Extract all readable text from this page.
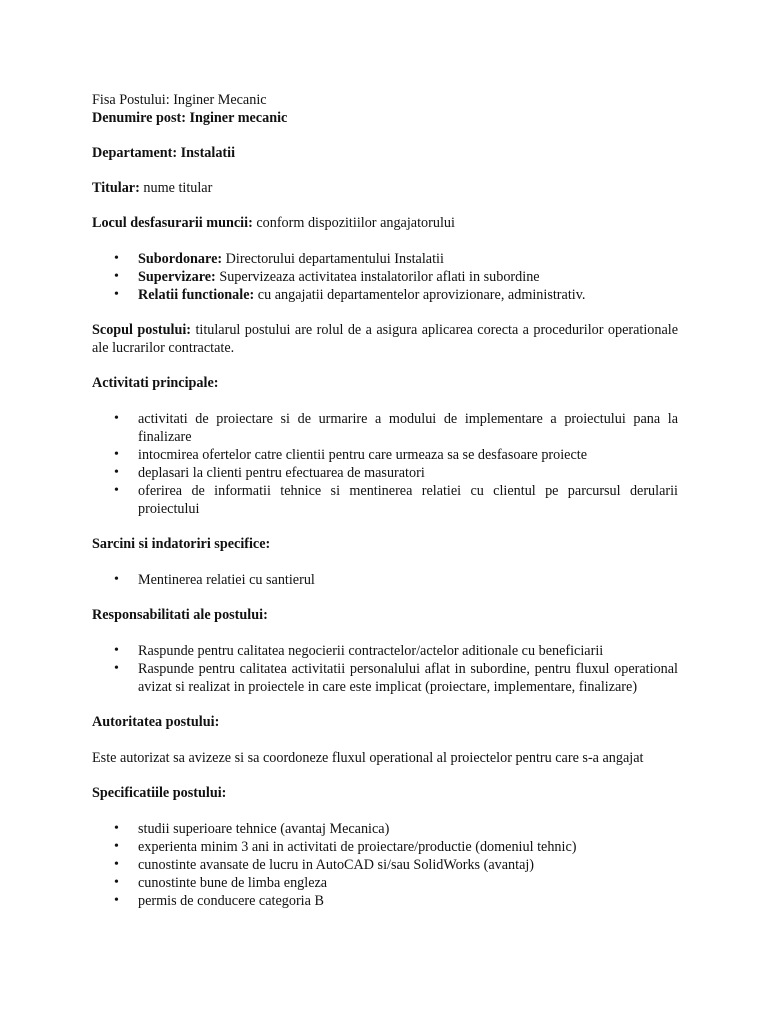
Fisa Postului: Inginer Mecanic
Denumire post: Inginer mecanic
Departament: Instalatii
Titular: nume titular
Locul desfasurarii muncii: conform dispozitiilor angajatorului
• Subordonare: Directorului departamentului Instalatii
• Supervizare: Supervizeaza activitatea instalatorilor aflati in subordine
• Relatii functionale: cu angajatii departamentelor aprovizionare, administrativ.

Scopul postului: titularul postului are rolul de a asigura aplicarea corecta a procedurilor operationale ale lucrarilor contractate.

Activitati principale:
• activitati de proiectare si de urmarire a modului de implementare a proiectului pana la finalizare
• intocmirea ofertelor catre clientii pentru care urmeaza sa se desfasoare proiecte
• deplasari la clienti pentru efectuarea de masuratori
• oferirea de informatii tehnice si mentinerea relatiei cu clientul pe parcursul derularii proiectului
Sarcini si indatoriri specifice:
• Mentinerea relatiei cu santierul
Responsabilitati ale postului:
• Raspunde pentru calitatea negocierii contractelor/actelor aditionale cu beneficiarii
• Raspunde pentru calitatea activitatii personalului aflat in subordine, pentru fluxul operational avizat si realizat in proiectele in care este implicat (proiectare, implementare, finalizare)
Autoritatea postului:

Este autorizat sa avizeze si sa coordoneze fluxul operational al proiectelor pentru care s-a angajat

Specificatiile postului:
• studii superioare tehnice (avantaj Mecanica)
• experienta minim 3 ani in activitati de proiectare/productie (domeniul tehnic)
• cunostinte avansate de lucru in AutoCAD si/sau SolidWorks (avantaj)
• cunostinte bune de limba engleza
• permis de conducere categoria B
